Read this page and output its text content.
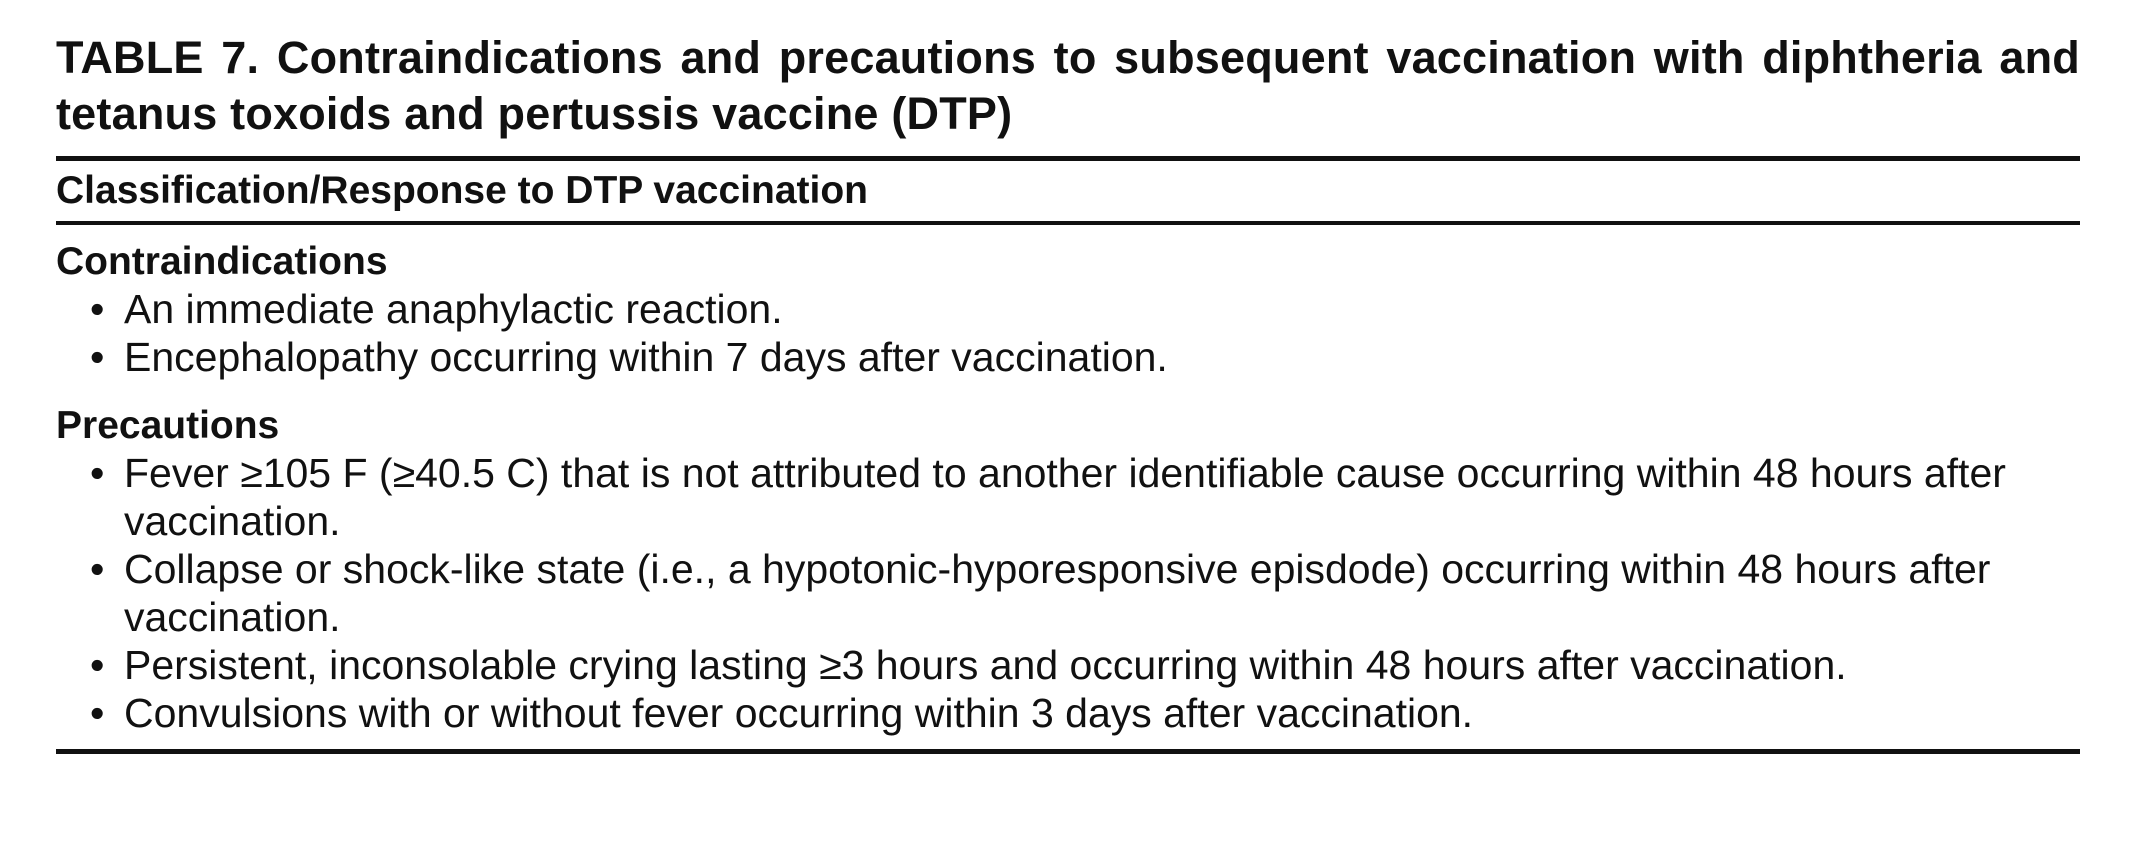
TABLE 7. Contraindications and precautions to subsequent vaccination with diphtheria and tetanus toxoids and pertussis vaccine (DTP)
Classification/Response to DTP vaccination
Contraindications
• An immediate anaphylactic reaction.
• Encephalopathy occurring within 7 days after vaccination.
Precautions
• Fever ≥105 F (≥40.5 C) that is not attributed to another identifiable cause occurring within 48 hours after vaccination.
• Collapse or shock-like state (i.e., a hypotonic-hyporesponsive episdode) occurring within 48 hours after vaccination.
• Persistent, inconsolable crying lasting ≥3 hours and occurring within 48 hours after vaccination.
• Convulsions with or without fever occurring within 3 days after vaccination.
